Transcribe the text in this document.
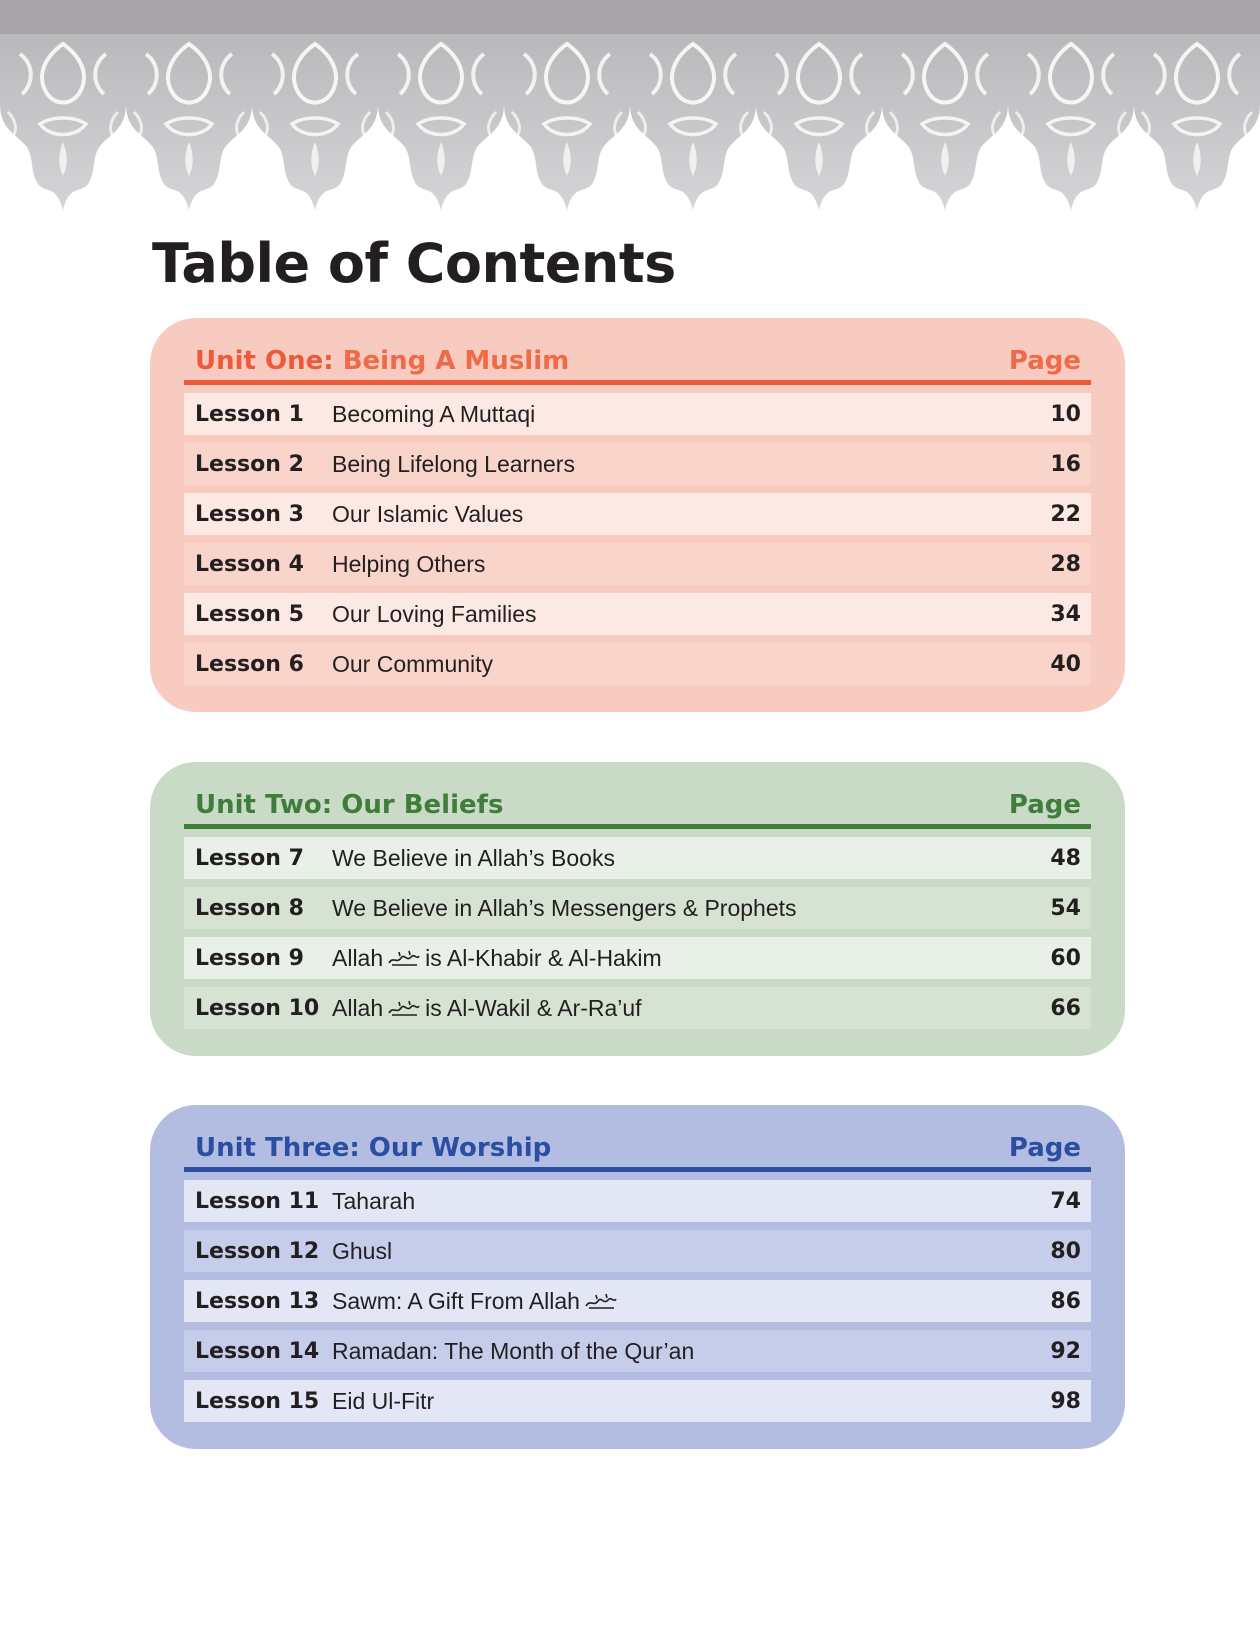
Table of Contents
Unit One: Being A Muslim	Page
Lesson 1	Becoming A Muttaqi	10
Lesson 2	Being Lifelong Learners	16
Lesson 3	Our Islamic Values	22
Lesson 4	Helping Others	28
Lesson 5	Our Loving Families	34
Lesson 6	Our Community	40
Unit Two: Our Beliefs	Page
Lesson 7	We Believe in Allah’s Books	48
Lesson 8	We Believe in Allah’s Messengers & Prophets	54
Lesson 9	Allah is Al-Khabir & Al-Hakim	60
Lesson 10 Allah is Al-Wakil & Ar-Ra’uf	66
Unit Three: Our Worship	Page
Lesson 11 Taharah	74
Lesson 12 Ghusl	80
Lesson 13 Sawm: A Gift From Allah	86
Lesson 14 Ramadan: The Month of the Qur’an	92
Lesson 15 Eid Ul-Fitr	98
